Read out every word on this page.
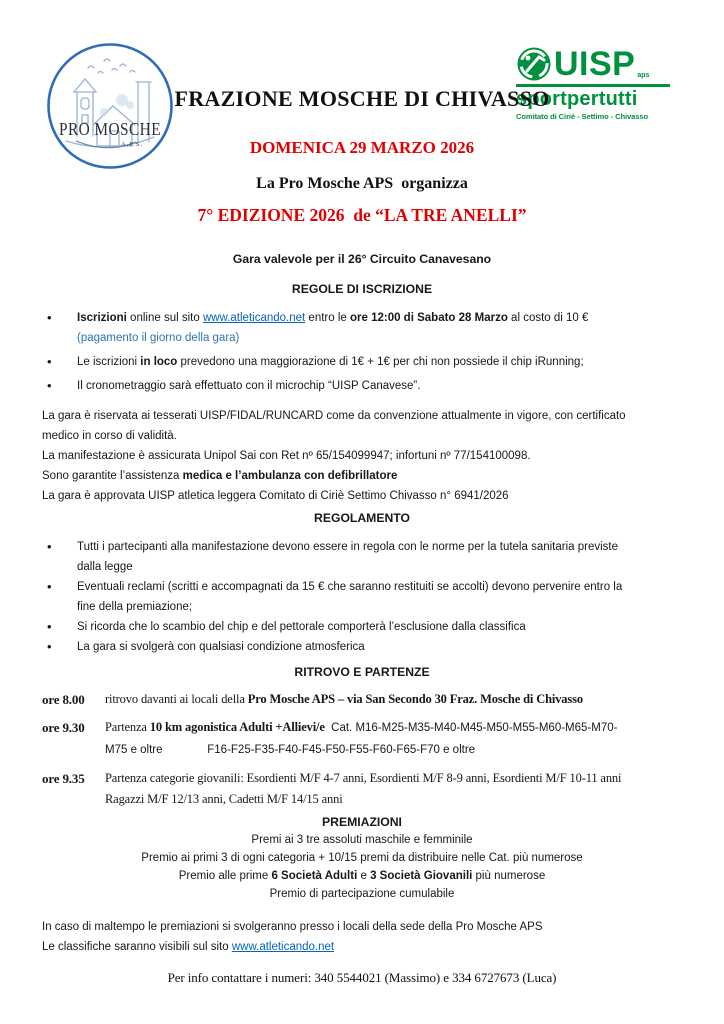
PRO MOSCHE
A.P.S.
UISP aps
sportpertutti
Comitato di Cirié - Settimo - Chivasso
FRAZIONE MOSCHE DI CHIVASSO
DOMENICA 29 MARZO 2026
La Pro Mosche APS  organizza
7° EDIZIONE 2026  de “LA TRE ANELLI”
Gara valevole per il 26° Circuito Canavesano
REGOLE DI ISCRIZIONE
• Iscrizioni online sul sito www.atleticando.net entro le ore 12:00 di Sabato 28 Marzo al costo di 10 €
(pagamento il giorno della gara)
• Le iscrizioni in loco prevedono una maggiorazione di 1€ + 1€ per chi non possiede il chip iRunning;
• Il cronometraggio sarà effettuato con il microchip “UISP Canavese”.
La gara è riservata ai tesserati UISP/FIDAL/RUNCARD come da convenzione attualmente in vigore, con certificato
medico in corso di validità.
La manifestazione è assicurata Unipol Sai con Ret nº 65/154099947; infortuni nº 77/154100098.
Sono garantite l’assistenza medica e l’ambulanza con defibrillatore
La gara è approvata UISP atletica leggera Comitato di Ciriè Settimo Chivasso n° 6941/2026
REGOLAMENTO
• Tutti i partecipanti alla manifestazione devono essere in regola con le norme per la tutela sanitaria previste
dalla legge
• Eventuali reclami (scritti e accompagnati da 15 € che saranno restituiti se accolti) devono pervenire entro la
fine della premiazione;
• Si ricorda che lo scambio del chip e del pettorale comporterà l’esclusione dalla classifica
• La gara si svolgerà con qualsiasi condizione atmosferica
RITROVO E PARTENZE
ore 8.00	ritrovo davanti ai locali della Pro Mosche APS – via San Secondo 30 Fraz. Mosche di Chivasso
ore 9.30	Partenza 10 km agonistica Adulti +Allievi/e  Cat. M16-M25-M35-M40-M45-M50-M55-M60-M65-M70-
M75 e oltre              F16-F25-F35-F40-F45-F50-F55-F60-F65-F70 e oltre
ore 9.35	Partenza categorie giovanili: Esordienti M/F 4-7 anni, Esordienti M/F 8-9 anni, Esordienti M/F 10-11 anni
Ragazzi M/F 12/13 anni, Cadetti M/F 14/15 anni
PREMIAZIONI
Premi ai 3 tre assoluti maschile e femminile
Premio ai primi 3 di ogni categoria + 10/15 premi da distribuire nelle Cat. più numerose
Premio alle prime 6 Società Adulti e 3 Società Giovanili più numerose
Premio di partecipazione cumulabile
In caso di maltempo le premiazioni si svolgeranno presso i locali della sede della Pro Mosche APS
Le classifiche saranno visibili sul sito www.atleticando.net
Per info contattare i numeri: 340 5544021 (Massimo) e 334 6727673 (Luca)
